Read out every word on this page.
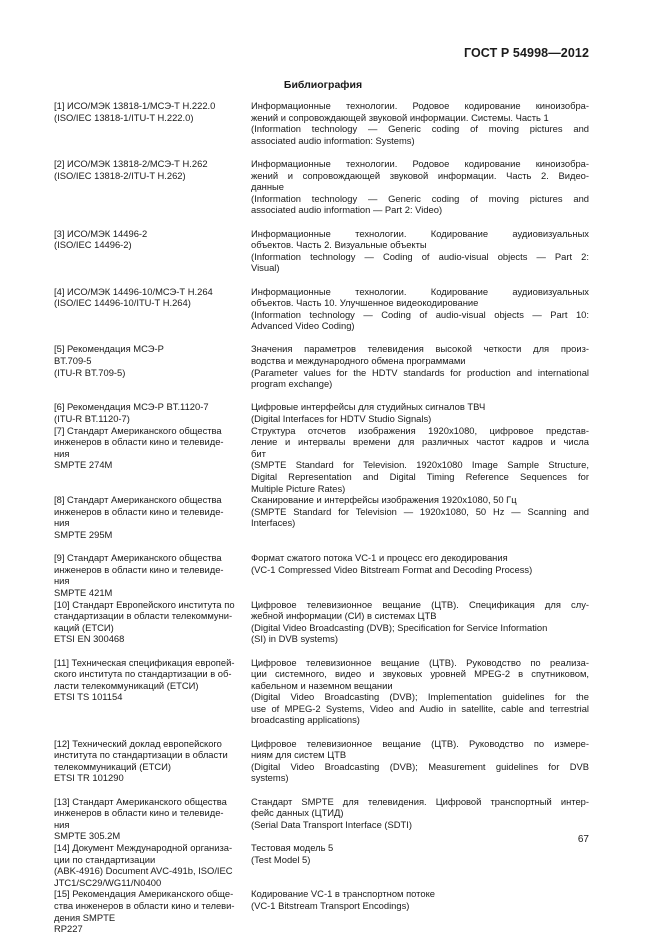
ГОСТ Р 54998—2012
Библиография
[1] ИСО/МЭК 13818-1/МСЭ-Т Н.222.0
(ISO/IEC 13818-1/ITU-T H.222.0)
Информационные технологии. Родовое кодирование киноизобра-
жений и сопровождающей звуковой информации. Системы. Часть 1
(Information technology — Generic coding of moving pictures and
associated audio information: Systems)
[2] ИСО/МЭК 13818-2/МСЭ-Т Н.262
(ISO/IEC 13818-2/ITU-T H.262)
Информационные технологии. Родовое кодирование киноизобра-
жений и сопровождающей звуковой информации. Часть 2. Видео-
данные
(Information technology — Generic coding of moving pictures and
associated audio information — Part 2: Video)
[3] ИСО/МЭК 14496-2
(ISO/IEC 14496-2)
Информационные технологии. Кодирование аудиовизуальных
объектов. Часть 2. Визуальные объекты
(Information technology — Coding of audio-visual objects — Part 2:
Visual)
[4] ИСО/МЭК 14496-10/МСЭ-Т Н.264
(ISO/IEC 14496-10/ITU-T H.264)
Информационные технологии. Кодирование аудиовизуальных
объектов. Часть 10. Улучшенное видеокодирование
(Information technology — Coding of audio-visual objects — Part 10:
Advanced Video Coding)
[5] Рекомендация МСЭ-Р
BT.709-5
(ITU-R BT.709-5)
Значения параметров телевидения высокой четкости для произ-
водства и международного обмена программами
(Parameter values for the HDTV standards for production and international
program exchange)
[6] Рекомендация МСЭ-Р BT.1120-7
(ITU-R BT.1120-7)
Цифровые интерфейсы для студийных сигналов ТВЧ
(Digital Interfaces for HDTV Studio Signals)
[7] Стандарт Американского общества
инженеров в области кино и телевиде-
ния
SMPTE 274M
Структура отсчетов изображения 1920x1080, цифровое представ-
ление и интервалы времени для различных частот кадров и числа
бит
(SMPTE Standard for Television. 1920x1080 Image Sample Structure,
Digital Representation and Digital Timing Reference Sequences for
Multiple Picture Rates)
[8] Стандарт Американского общества
инженеров в области кино и телевиде-
ния
SMPTE 295M
Сканирование и интерфейсы изображения 1920x1080, 50 Гц
(SMPTE Standard for Television — 1920x1080, 50 Hz — Scanning and
Interfaces)
[9] Стандарт Американского общества
инженеров в области кино и телевиде-
ния
SMPTE 421M
Формат сжатого потока VC-1 и процесс его декодирования
(VC-1 Compressed Video Bitstream Format and Decoding Process)
[10] Стандарт Европейского института по
стандартизации в области телекоммуни-
каций (ЕТСИ)
ETSI EN 300468
Цифровое телевизионное вещание (ЦТВ). Спецификация для слу-
жебной информации (СИ) в системах ЦТВ
(Digital Video Broadcasting (DVB); Specification for Service Information
(SI) in DVB systems)
[11] Техническая спецификация европей-
ского института по стандартизации в об-
ласти телекоммуникаций (ЕТСИ)
ETSI TS 101154
Цифровое телевизионное вещание (ЦТВ). Руководство по реализа-
ции системного, видео и звуковых уровней MPEG-2 в спутниковом,
кабельном и наземном вещании
(Digital Video Broadcasting (DVB); Implementation guidelines for the
use of MPEG-2 Systems, Video and Audio in satellite, cable and terrestrial
broadcasting applications)
[12] Технический доклад европейского
института по стандартизации в области
телекоммуникаций (ЕТСИ)
ETSI TR 101290
Цифровое телевизионное вещание (ЦТВ). Руководство по измере-
ниям для систем ЦТВ
(Digital Video Broadcasting (DVB); Measurement guidelines for DVB
systems)
[13] Стандарт Американского общества
инженеров в области кино и телевиде-
ния
SMPTE 305.2M
Стандарт SMPTE для телевидения. Цифровой транспортный интер-
фейс данных (ЦТИД)
(Serial Data Transport Interface (SDTI)
[14] Документ Международной организа-
ции по стандартизации
(ABK-4916) Document AVC-491b, ISO/IEC
JTC1/SC29/WG11/N0400
Тестовая модель 5
(Test Model 5)
[15] Рекомендация Американского обще-
ства инженеров в области кино и телеви-
дения SMPTE
RP227
Кодирование VC-1 в транспортном потоке
(VC-1 Bitstream Transport Encodings)
67
